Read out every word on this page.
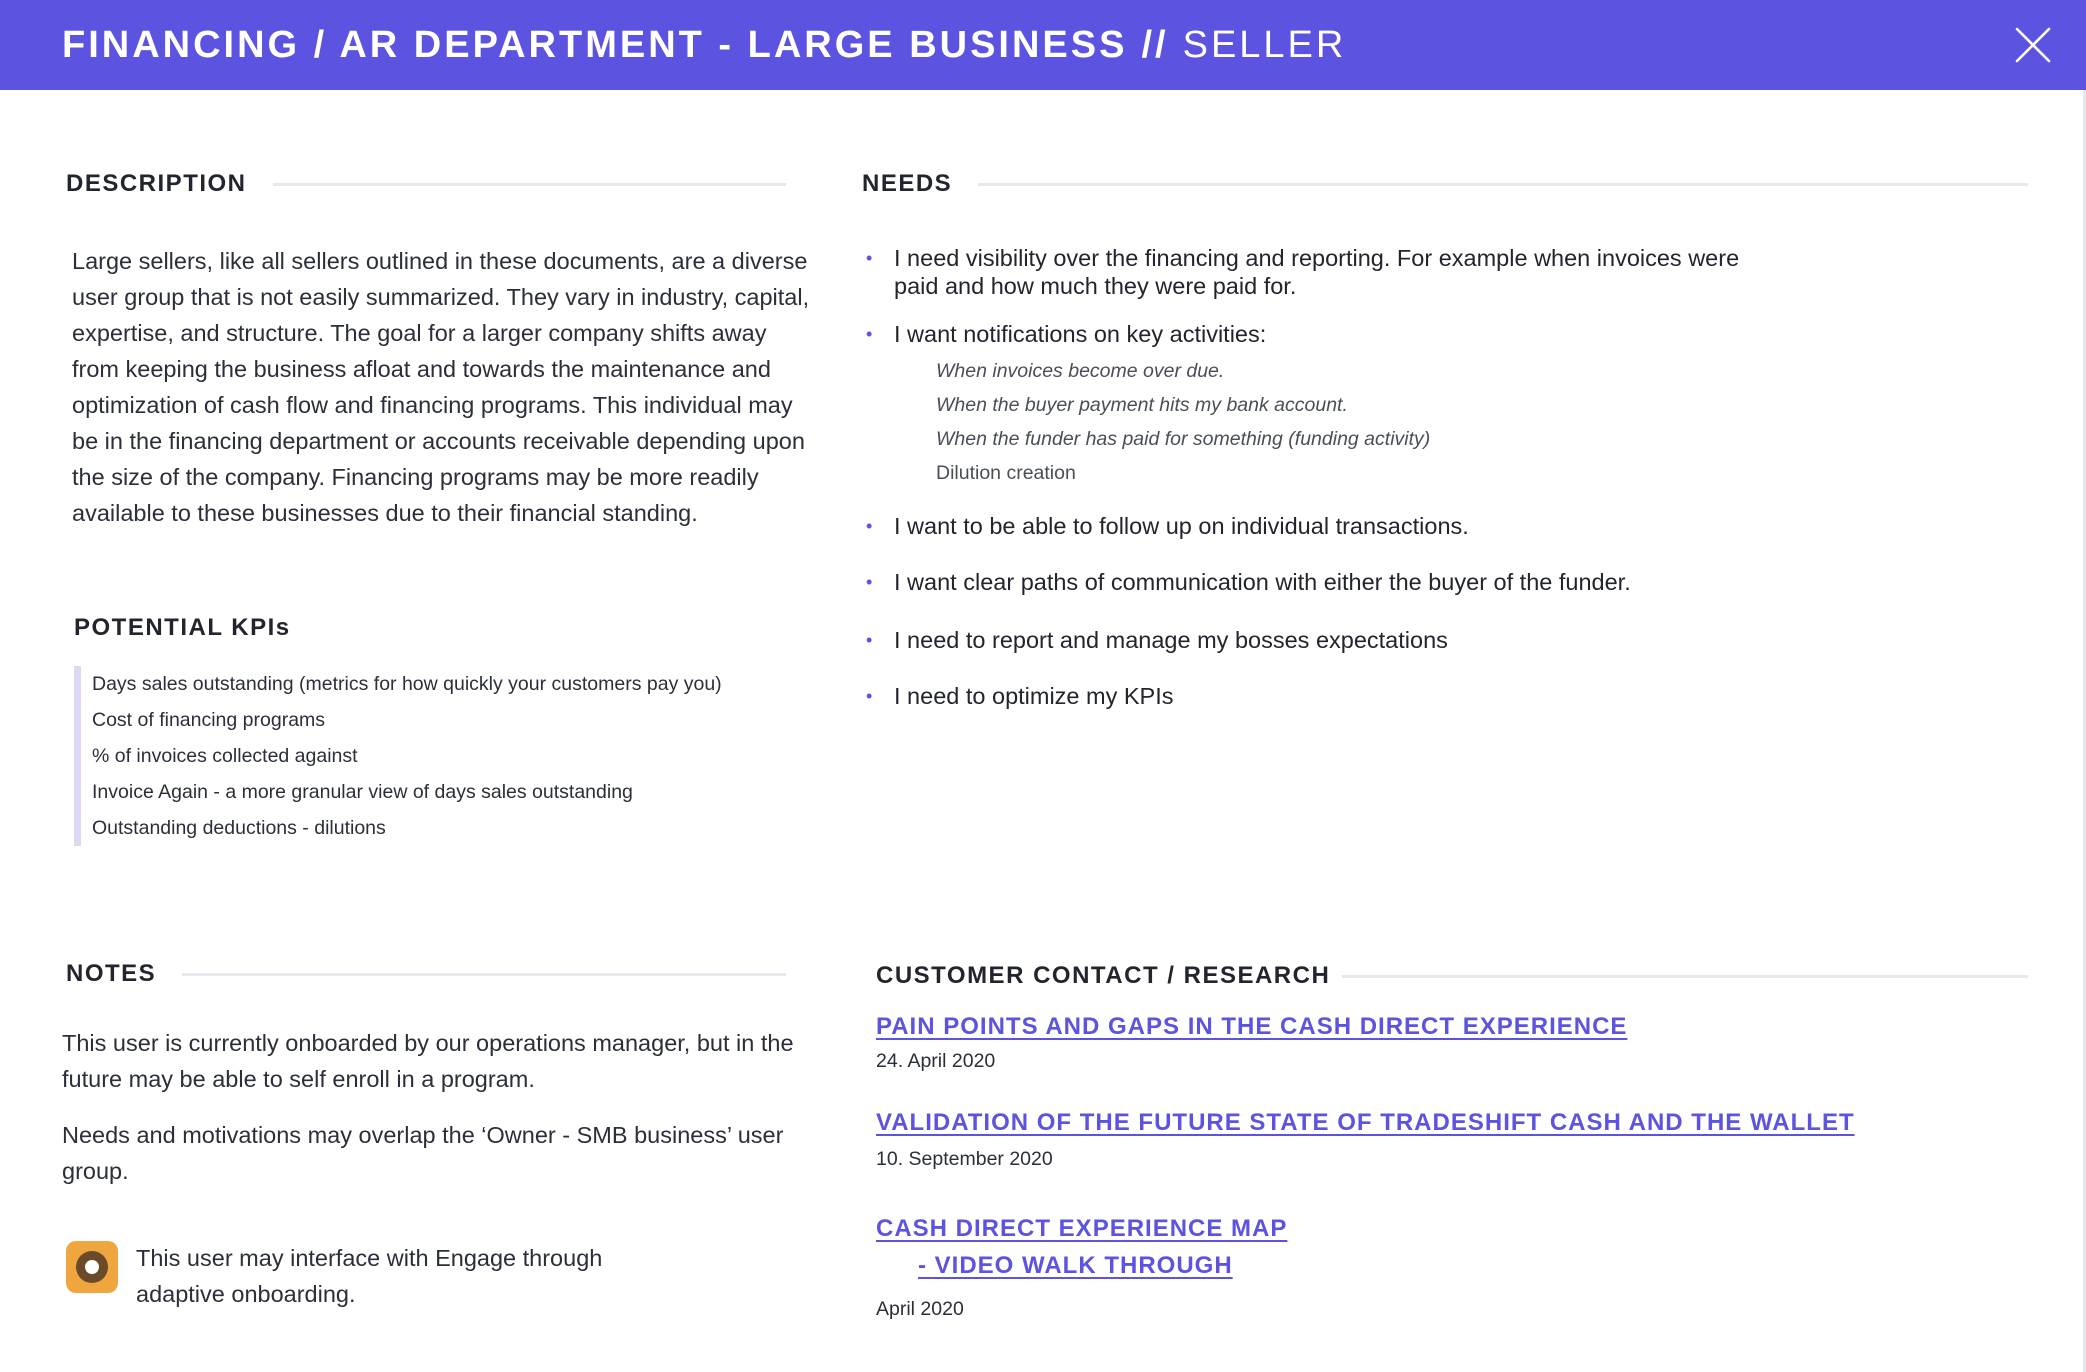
FINANCING / AR DEPARTMENT - LARGE BUSINESS // SELLER
DESCRIPTION
Large sellers, like all sellers outlined in these documents, are a diverse user group that is not easily summarized. They vary in industry, capital, expertise, and structure. The goal for a larger company shifts away from keeping the business afloat and towards the maintenance and optimization of cash flow and financing programs. This individual may be in the financing department or accounts receivable depending upon the size of the company. Financing programs may be more readily available to these businesses due to their financial standing.
POTENTIAL KPIs
Days sales outstanding (metrics for how quickly your customers pay you)
Cost of financing programs
% of invoices collected against
Invoice Again - a more granular view of days sales outstanding
Outstanding deductions - dilutions
NEEDS
• I need visibility over the financing and reporting. For example when invoices were paid and how much they were paid for.
• I want notifications on key activities:
When invoices become over due.
When the buyer payment hits my bank account.
When the funder has paid for something (funding activity)
Dilution creation
• I want to be able to follow up on individual transactions.
• I want clear paths of communication with either the buyer of the funder.
• I need to report and manage my bosses expectations
• I need to optimize my KPIs
NOTES
This user is currently onboarded by our operations manager, but in the future may be able to self enroll in a program.
Needs and motivations may overlap the ‘Owner - SMB business’ user group.
This user may interface with Engage through adaptive onboarding.
CUSTOMER CONTACT / RESEARCH
PAIN POINTS AND GAPS IN THE CASH DIRECT EXPERIENCE
24. April 2020
VALIDATION OF THE FUTURE STATE OF TRADESHIFT CASH AND THE WALLET
10. September 2020
CASH DIRECT EXPERIENCE MAP
- VIDEO WALK THROUGH
April 2020
